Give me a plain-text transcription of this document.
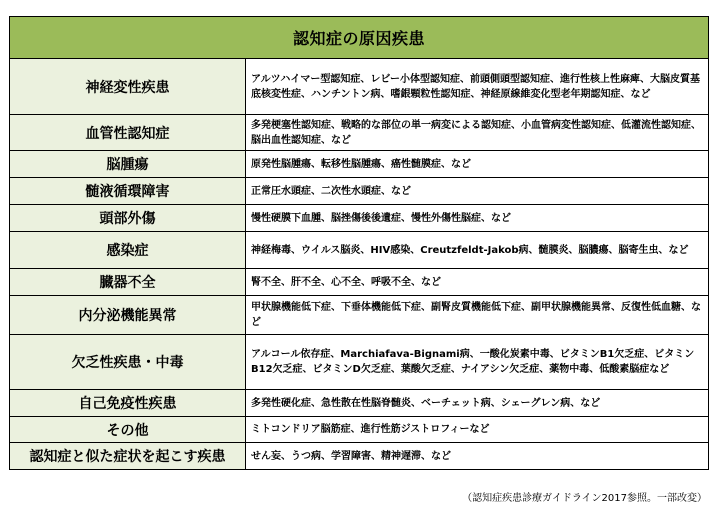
認知症の原因疾患	
神経変性疾患	アルツハイマー型認知症、レビー小体型認知症、前頭側頭型認知症、進行性核上性麻痺、大脳皮質基底核変性症、ハンチントン病、嗜銀顆粒性認知症、神経原線維変化型老年期認知症、など
血管性認知症	多発梗塞性認知症、戦略的な部位の単一病変による認知症、小血管病変性認知症、低灌流性認知症、脳出血性認知症、など
脳腫瘍	原発性脳腫瘍、転移性脳腫瘍、癌性髄膜症、など
髄液循環障害	正常圧水頭症、二次性水頭症、など
頭部外傷	慢性硬膜下血腫、脳挫傷後後遺症、慢性外傷性脳症、など
感染症	神経梅毒、ウイルス脳炎、HIV感染、Creutzfeldt-Jakob病、髄膜炎、脳膿瘍、脳寄生虫、など
臓器不全	腎不全、肝不全、心不全、呼吸不全、など
内分泌機能異常	甲状腺機能低下症、下垂体機能低下症、副腎皮質機能低下症、副甲状腺機能異常、反復性低血糖、など
欠乏性疾患・中毒	アルコール依存症、Marchiafava-Bignami病、一酸化炭素中毒、ビタミンB1欠乏症、ビタミンB12欠乏症、ビタミンD欠乏症、葉酸欠乏症、ナイアシン欠乏症、薬物中毒、低酸素脳症など
自己免疫性疾患	多発性硬化症、急性散在性脳脊髄炎、ベーチェット病、シェーグレン病、など
その他	ミトコンドリア脳筋症、進行性筋ジストロフィーなど
認知症と似た症状を起こす疾患	せん妄、うつ病、学習障害、精神遅滞、など
（認知症疾患診療ガイドライン2017参照。一部改変）
